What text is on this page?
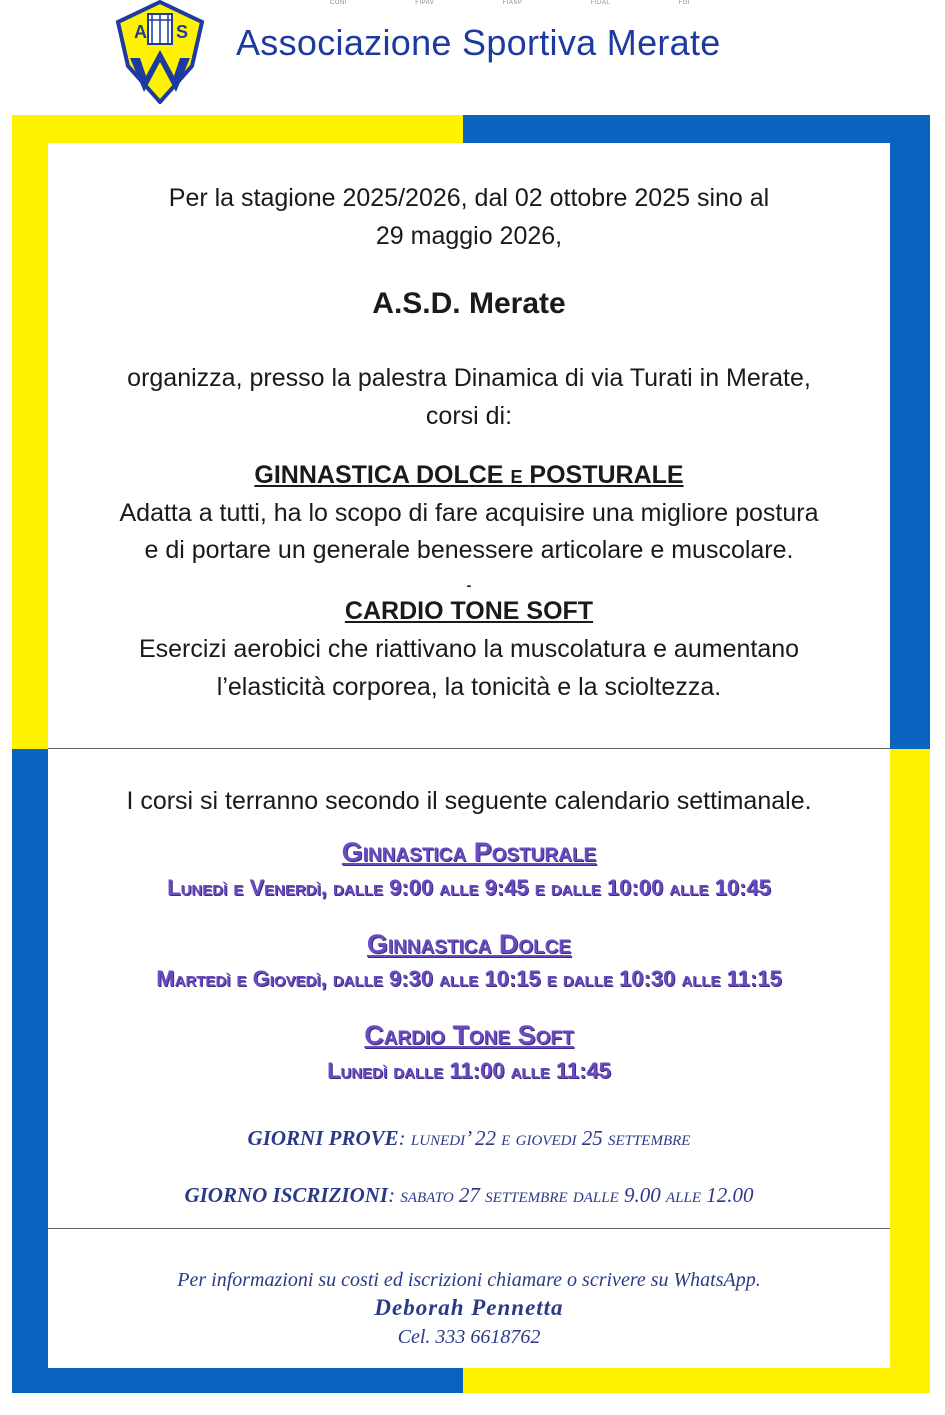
A S
CONI	FIPAV	FIASP	FIDAL	FGI
Associazione Sportiva Merate
Per la stagione 2025/2026, dal 02 ottobre 2025 sino al
29 maggio 2026,
A.S.D. Merate
organizza, presso la palestra Dinamica di via Turati in Merate,
corsi di:
GINNASTICA DOLCE E POSTURALE
Adatta a tutti, ha lo scopo di fare acquisire una migliore postura
e di portare un generale benessere articolare e muscolare.
-
CARDIO TONE SOFT
Esercizi aerobici che riattivano la muscolatura e aumentano
l’elasticità corporea, la tonicità e la scioltezza.
I corsi si terranno secondo il seguente calendario settimanale.
Ginnastica Posturale
Lunedì e Venerdì, dalle 9:00 alle 9:45 e dalle 10:00 alle 10:45
Ginnastica Dolce
Martedì e Giovedì, dalle 9:30 alle 10:15 e dalle 10:30 alle 11:15
Cardio Tone Soft
Lunedì dalle 11:00 alle 11:45
GIORNI PROVE: lunedi’ 22 e giovedi 25 settembre
GIORNO ISCRIZIONI: sabato 27 settembre dalle 9.00 alle 12.00
Per informazioni su costi ed iscrizioni chiamare o scrivere su WhatsApp.
Deborah Pennetta
Cel. 333 6618762
